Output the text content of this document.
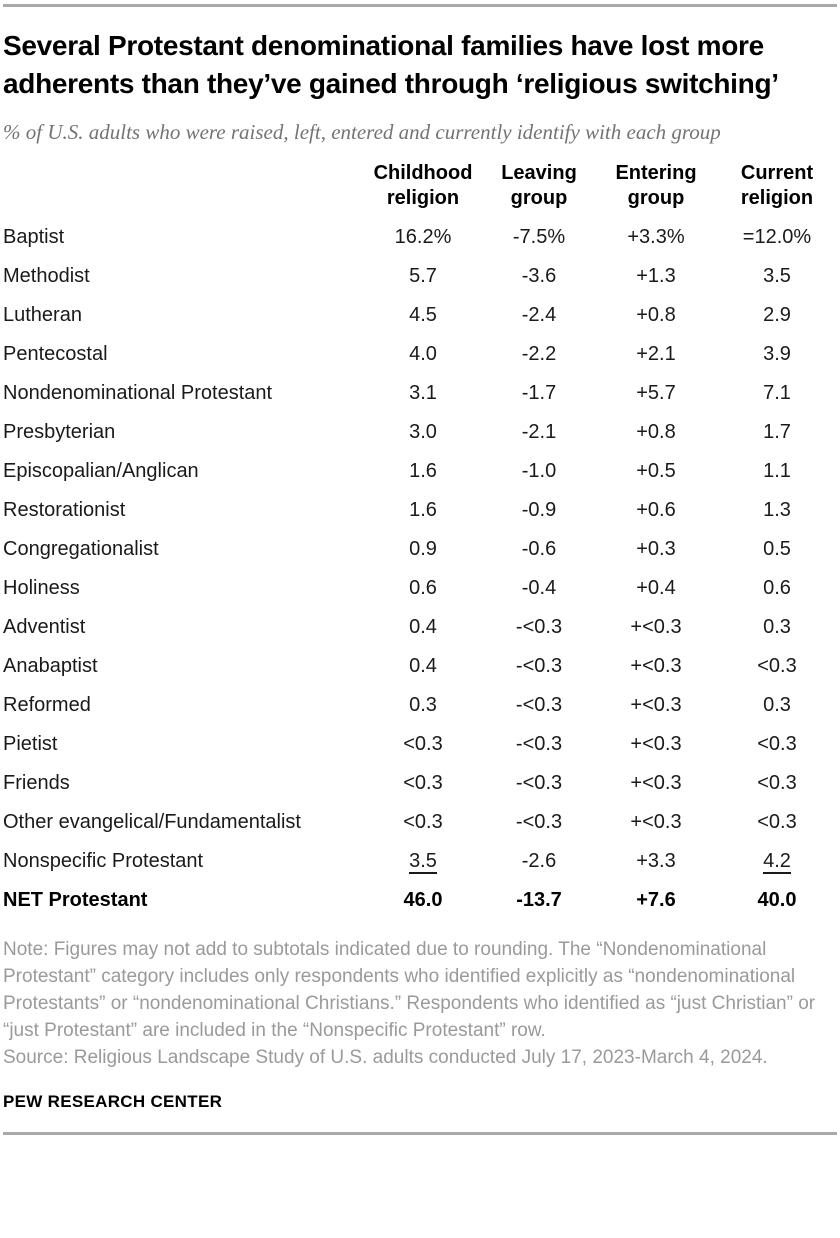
Several Protestant denominational families have lost more adherents than they’ve gained through ‘religious switching’

% of U.S. adults who were raised, left, entered and currently identify with each group

	Childhood religion	Leaving group	Entering group	Current religion
Baptist	16.2%	-7.5%	+3.3%	=12.0%
Methodist	5.7	-3.6	+1.3	3.5
Lutheran	4.5	-2.4	+0.8	2.9
Pentecostal	4.0	-2.2	+2.1	3.9
Nondenominational Protestant	3.1	-1.7	+5.7	7.1
Presbyterian	3.0	-2.1	+0.8	1.7
Episcopalian/Anglican	1.6	-1.0	+0.5	1.1
Restorationist	1.6	-0.9	+0.6	1.3
Congregationalist	0.9	-0.6	+0.3	0.5
Holiness	0.6	-0.4	+0.4	0.6
Adventist	0.4	-<0.3	+<0.3	0.3
Anabaptist	0.4	-<0.3	+<0.3	<0.3
Reformed	0.3	-<0.3	+<0.3	0.3
Pietist	<0.3	-<0.3	+<0.3	<0.3
Friends	<0.3	-<0.3	+<0.3	<0.3
Other evangelical/Fundamentalist	<0.3	-<0.3	+<0.3	<0.3
Nonspecific Protestant	3.5	-2.6	+3.3	4.2
NET Protestant	46.0	-13.7	+7.6	40.0

Note: Figures may not add to subtotals indicated due to rounding. The “Nondenominational Protestant” category includes only respondents who identified explicitly as “nondenominational Protestants” or “nondenominational Christians.” Respondents who identified as “just Christian” or “just Protestant” are included in the “Nonspecific Protestant” row.

Source: Religious Landscape Study of U.S. adults conducted July 17, 2023-March 4, 2024.

PEW RESEARCH CENTER
